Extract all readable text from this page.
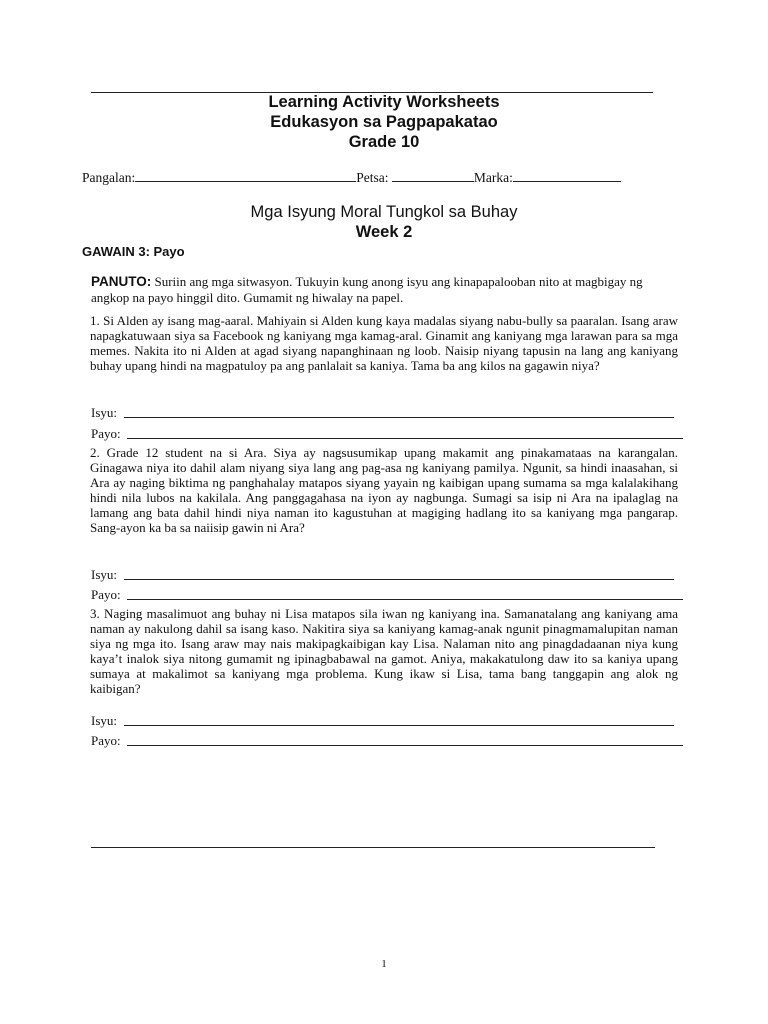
Learning Activity Worksheets
Edukasyon sa Pagpapakatao
Grade 10
Pangalan:	Petsa:	Marka:
Mga Isyung Moral Tungkol sa Buhay
Week 2
GAWAIN 3: Payo
PANUTO: Suriin ang mga sitwasyon. Tukuyin kung anong isyu ang kinapapalooban nito at magbigay ng angkop na payo hinggil dito. Gumamit ng hiwalay na papel.
1. Si Alden ay isang mag-aaral. Mahiyain si Alden kung kaya madalas siyang nabu-bully sa paaralan. Isang araw napagkatuwaan siya sa Facebook ng kaniyang mga kamag-aral. Ginamit ang kaniyang mga larawan para sa mga memes. Nakita ito ni Alden at agad siyang napanghinaan ng loob. Naisip niyang tapusin na lang ang kaniyang buhay upang hindi na magpatuloy pa ang panlalait sa kaniya. Tama ba ang kilos na gagawin niya?
Isyu:
Payo:
2. Grade 12 student na si Ara. Siya ay nagsusumikap upang makamit ang pinakamataas na karangalan. Ginagawa niya ito dahil alam niyang siya lang ang pag-asa ng kaniyang pamilya. Ngunit, sa hindi inaasahan, si Ara ay naging biktima ng panghahalay matapos siyang yayain ng kaibigan upang sumama sa mga kalalakihang hindi nila lubos na kakilala. Ang panggagahasa na iyon ay nagbunga. Sumagi sa isip ni Ara na ipalaglag na lamang ang bata dahil hindi niya naman ito kagustuhan at magiging hadlang ito sa kaniyang mga pangarap. Sang-ayon ka ba sa naiisip gawin ni Ara?
Isyu:
Payo:
3. Naging masalimuot ang buhay ni Lisa matapos sila iwan ng kaniyang ina. Samanatalang ang kaniyang ama naman ay nakulong dahil sa isang kaso. Nakitira siya sa kaniyang kamag-anak ngunit pinagmamalupitan naman siya ng mga ito. Isang araw may nais makipagkaibigan kay Lisa. Nalaman nito ang pinagdadaanan niya kung kaya’t inalok siya nitong gumamit ng ipinagbabawal na gamot. Aniya, makakatulong daw ito sa kaniya upang sumaya at makalimot sa kaniyang mga problema. Kung ikaw si Lisa, tama bang tanggapin ang alok ng kaibigan?
Isyu:
Payo:
1
